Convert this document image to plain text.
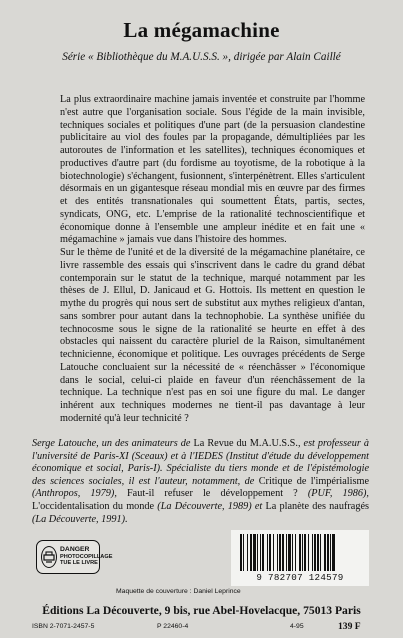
La mégamachine
Série « Bibliothèque du M.A.U.S.S. », dirigée par Alain Caillé

La plus extraordinaire machine jamais inventée et construite par l'homme n'est autre que l'organisation sociale. Sous l'égide de la main invisible, techniques sociales et politiques d'une part (de la persuasion clandestine publicitaire au viol des foules par la propagande, démultipliées par les autoroutes de l'information et les satellites), techniques économiques et productives d'autre part (du fordisme au toyotisme, de la robotique à la biotechnologie) s'échangent, fusionnent, s'interpénètrent. Elles s'articulent désormais en un gigantesque réseau mondial mis en œuvre par des firmes et des entités transnationales qui soumettent États, partis, sectes, syndicats, ONG, etc. L'emprise de la rationalité technoscientifique et économique donne à l'ensemble une ampleur inédite et en fait une « mégamachine » jamais vue dans l'histoire des hommes.

Sur le thème de l'unité et de la diversité de la mégamachine planétaire, ce livre rassemble des essais qui s'inscrivent dans le cadre du grand débat contemporain sur le statut de la technique, marqué notamment par les thèses de J. Ellul, D. Janicaud et G. Hottois. Ils mettent en question le mythe du progrès qui nous sert de substitut aux mythes religieux d'antan, sans sombrer pour autant dans la technophobie. La synthèse unifiée du technocosme sous le signe de la rationalité se heurte en effet à des obstacles qui naissent du caractère pluriel de la Raison, simultanément technicienne, économique et politique. Les ouvrages précédents de Serge Latouche concluaient sur la nécessité de « réenchâsser » l'économique dans le social, celui-ci plaide en faveur d'un réenchâssement de la technique. La technique n'est pas en soi une figure du mal. Le danger inhérent aux techniques modernes ne tient-il pas davantage à leur modernité qu'à leur technicité ?

Serge Latouche, un des animateurs de La Revue du M.A.U.S.S., est professeur à l'université de Paris-XI (Sceaux) et à l'IEDES (Institut d'étude du développement économique et social, Paris-I). Spécialiste du tiers monde et de l'épistémologie des sciences sociales, il est l'auteur, notamment, de Critique de l'impérialisme (Anthropos, 1979), Faut-il refuser le développement ? (PUF, 1986), L'occidentalisation du monde (La Découverte, 1989) et La planète des naufragés (La Découverte, 1991).
DANGER
PHOTOCOPILLAGE
TUE LE LIVRE
9 782707 124579
Maquette de couverture : Daniel Leprince
Éditions La Découverte, 9 bis, rue Abel-Hovelacque, 75013 Paris
ISBN 2-7071-2457-5	P 22460-4	4-95	139 F
